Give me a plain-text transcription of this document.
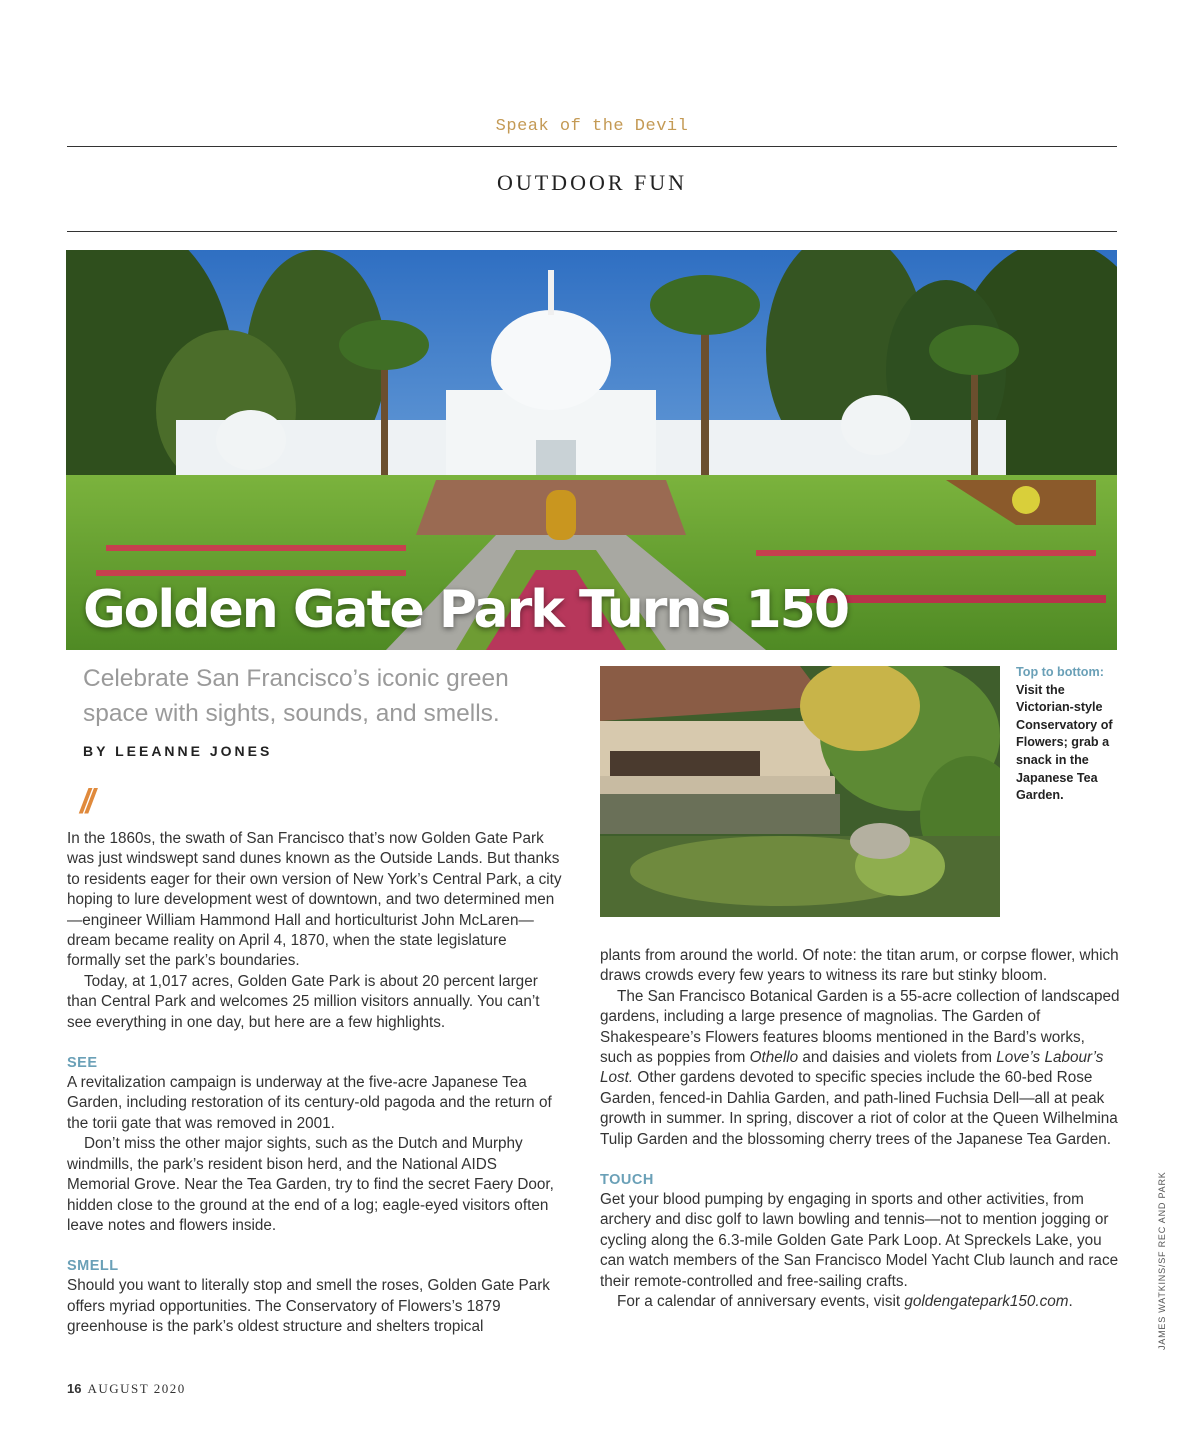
Speak of the Devil
OUTDOOR FUN
Golden Gate Park Turns 150
Celebrate San Francisco’s iconic green space with sights, sounds, and smells.
BY LEEANNE JONES
//

In the 1860s, the swath of San Francisco that’s now Golden Gate Park was just windswept sand dunes known as the Outside Lands. But thanks to residents eager for their own version of New York’s Central Park, a city hoping to lure development west of downtown, and two determined men—engineer William Hammond Hall and horticulturist John McLaren—dream became reality on April 4, 1870, when the state legislature formally set the park’s boundaries.

Today, at 1,017 acres, Golden Gate Park is about 20 percent larger than Central Park and welcomes 25 million visitors annually. You can’t see everything in one day, but here are a few highlights.

SEE

A revitalization campaign is underway at the five-acre Japanese Tea Garden, including restoration of its century-old pagoda and the return of the torii gate that was removed in 2001.

Don’t miss the other major sights, such as the Dutch and Murphy windmills, the park’s resident bison herd, and the National AIDS Memorial Grove. Near the Tea Garden, try to find the secret Faery Door, hidden close to the ground at the end of a log; eagle-eyed visitors often leave notes and flowers inside.

SMELL

Should you want to literally stop and smell the roses, Golden Gate Park offers myriad opportunities. The Conservatory of Flowers’s 1879 greenhouse is the park’s oldest structure and shelters tropical

Top to bottom:
Visit the Victorian-style Conservatory of Flowers; grab a snack in the Japanese Tea Garden.

plants from around the world. Of note: the titan arum, or corpse flower, which draws crowds every few years to witness its rare but stinky bloom.

The San Francisco Botanical Garden is a 55-acre collection of landscaped gardens, including a large presence of magnolias. The Garden of Shakespeare’s Flowers features blooms mentioned in the Bard’s works, such as poppies from Othello and daisies and violets from Love’s Labour’s Lost. Other gardens devoted to specific species include the 60-bed Rose Garden, fenced-in Dahlia Garden, and path-lined Fuchsia Dell—all at peak growth in summer. In spring, discover a riot of color at the Queen Wilhelmina Tulip Garden and the blossoming cherry trees of the Japanese Tea Garden.

TOUCH

Get your blood pumping by engaging in sports and other activities, from archery and disc golf to lawn bowling and tennis—not to mention jogging or cycling along the 6.3-mile Golden Gate Park Loop. At Spreckels Lake, you can watch members of the San Francisco Model Yacht Club launch and race their remote-controlled and free-sailing crafts.

For a calendar of anniversary events, visit goldengatepark150.com.	JAMES WATKINS/SF REC AND PARK
16 AUGUST 2020
